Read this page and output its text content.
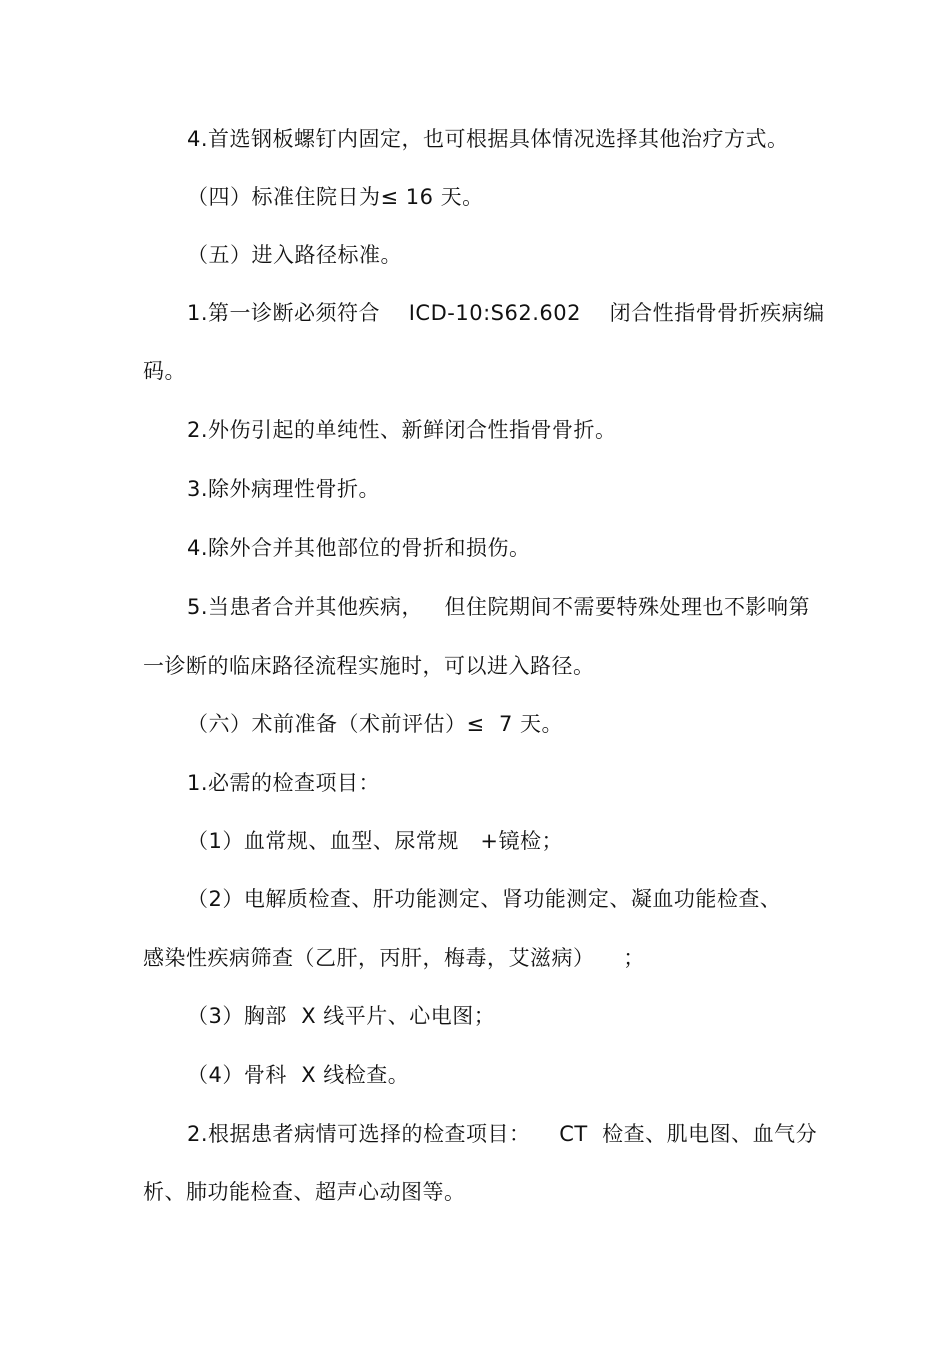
4.首选钢板螺钉内固定，也可根据具体情况选择其他治疗方式。
（四）标准住院日为≤ 16 天。
（五）进入路径标准。
1.第一诊断必须符合    ICD-10:S62.602    闭合性指骨骨折疾病编
码。
2.外伤引起的单纯性、新鲜闭合性指骨骨折。
3.除外病理性骨折。
4.除外合并其他部位的骨折和损伤。
5.当患者合并其他疾病，   但住院期间不需要特殊处理也不影响第
一诊断的临床路径流程实施时，可以进入路径。
（六）术前准备（术前评估）≤  7 天。
1.必需的检查项目：
（1）血常规、血型、尿常规   +镜检；
（2）电解质检查、肝功能测定、肾功能测定、凝血功能检查、
感染性疾病筛查（乙肝，丙肝，梅毒，艾滋病）    ；
（3）胸部  X 线平片、心电图；
（4）骨科  X 线检查。
2.根据患者病情可选择的检查项目：    CT  检查、肌电图、血气分
析、肺功能检查、超声心动图等。
